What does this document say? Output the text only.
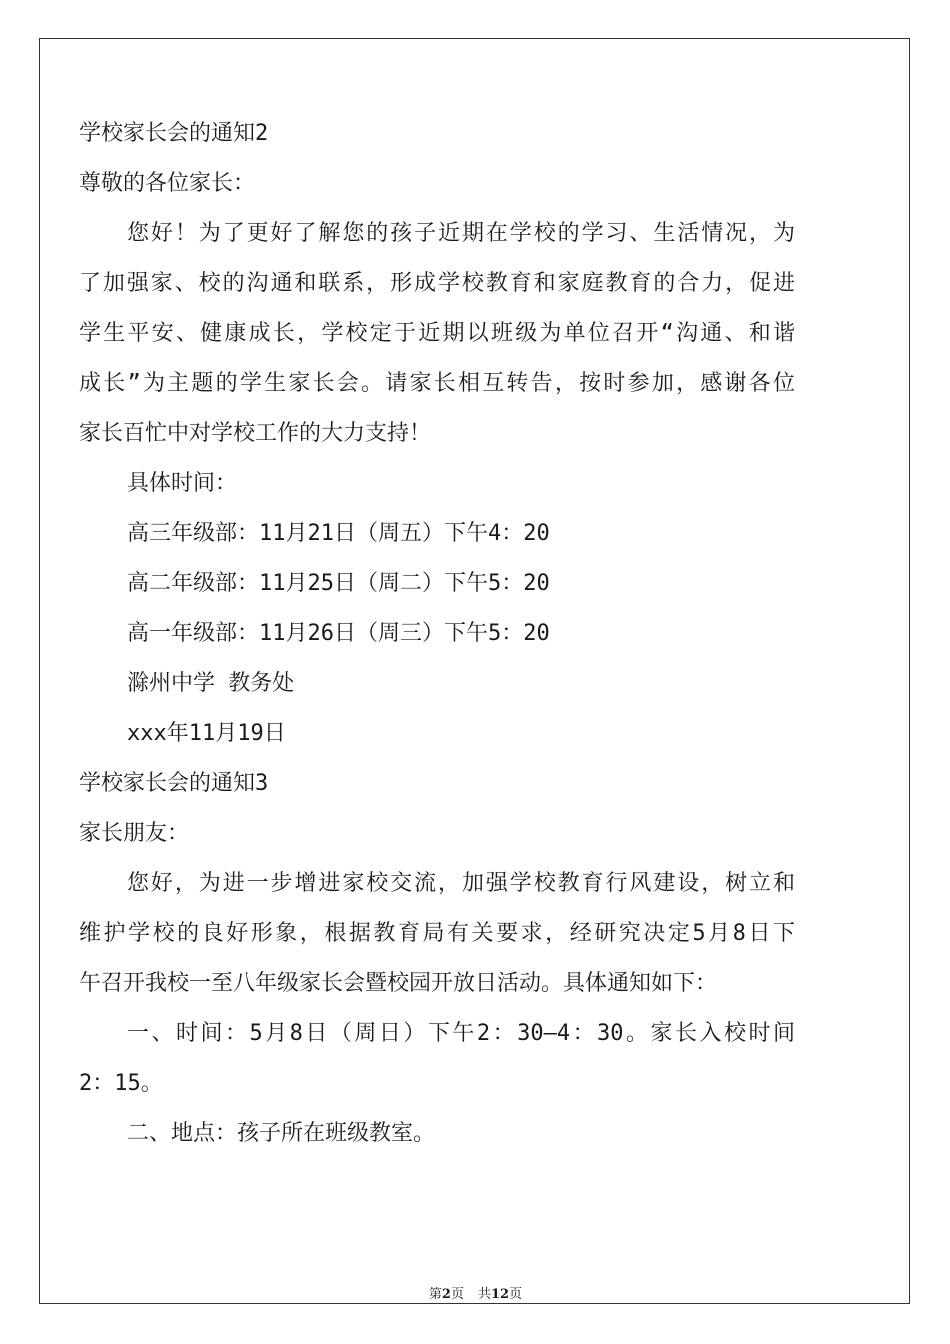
学校家长会的通知2
尊敬的各位家长：
您好！为了更好了解您的孩子近期在学校的学习、生活情况，为
了加强家、校的沟通和联系，形成学校教育和家庭教育的合力，促进
学生平安、健康成长，学校定于近期以班级为单位召开“沟通、和谐
成长”为主题的学生家长会。请家长相互转告，按时参加，感谢各位
家长百忙中对学校工作的大力支持！
具体时间：
高三年级部：11月21日（周五）下午4：20
高二年级部：11月25日（周二）下午5：20
高一年级部：11月26日（周三）下午5：20
滁州中学 教务处
xxx年11月19日
学校家长会的通知3
家长朋友：
您好，为进一步增进家校交流，加强学校教育行风建设，树立和
维护学校的良好形象，根据教育局有关要求，经研究决定5月8日下
午召开我校一至八年级家长会暨校园开放日活动。具体通知如下：
一、时间：5月8日（周日）下午2：30—4：30。家长入校时间
2：15。
二、地点：孩子所在班级教室。
第2页 共12页
